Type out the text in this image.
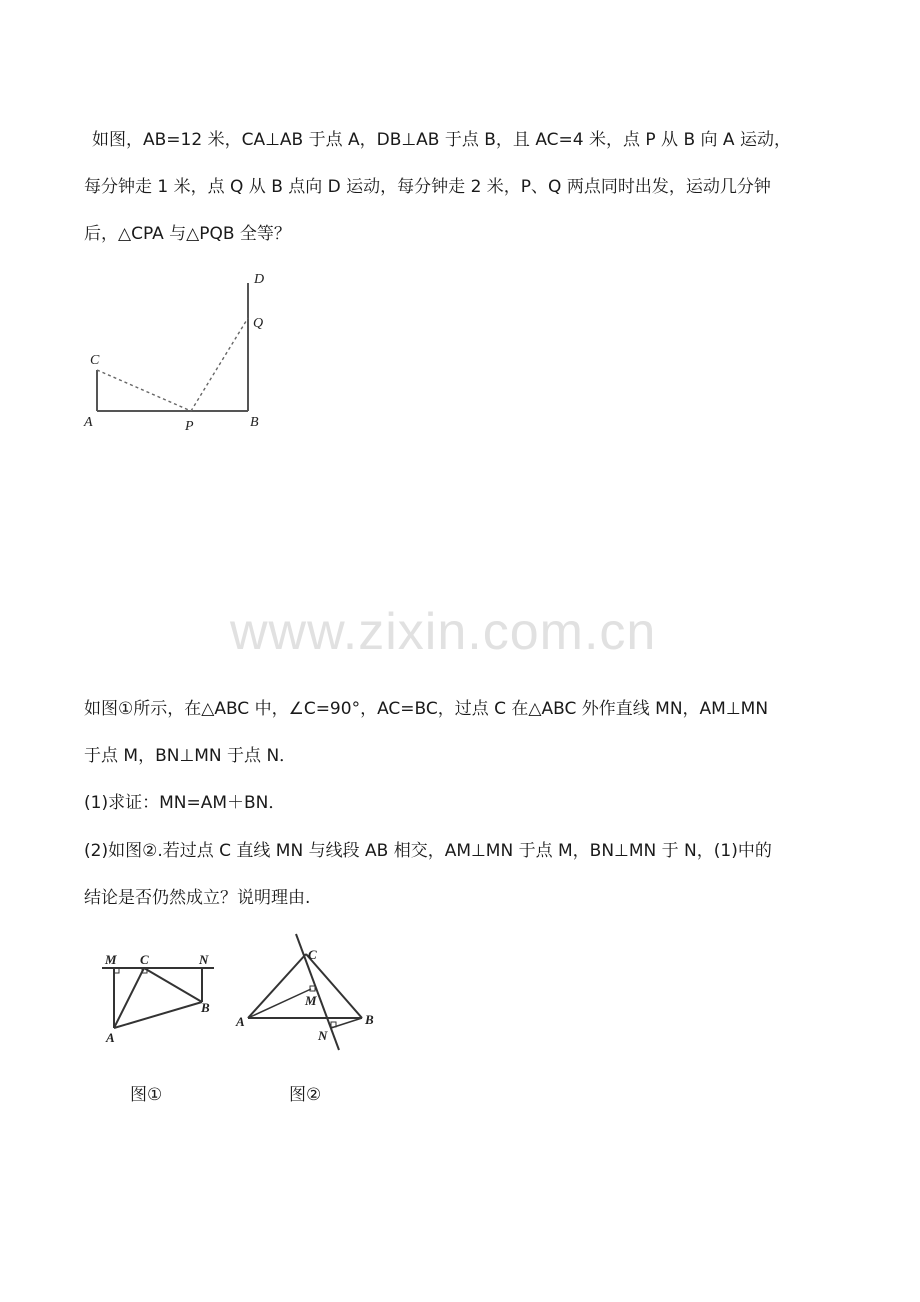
如图，AB=12 米，CA⊥AB 于点 A，DB⊥AB 于点 B，且 AC=4 米，点 P 从 B 向 A 运动，
每分钟走 1 米，点 Q 从 B 点向 D 运动，每分钟走 2 米，P、Q 两点同时出发，运动几分钟
后，△CPA 与△PQB 全等？
D
Q
C
A	P	B
www.zixin.com.cn
如图①所示，在△ABC 中，∠C=90°，AC=BC，过点 C 在△ABC 外作直线 MN，AM⊥MN
于点 M，BN⊥MN 于点 N．
(1)求证：MN=AM＋BN．
(2)如图②.若过点 C 直线 MN 与线段 AB 相交，AM⊥MN 于点 M，BN⊥MN 于 N，(1)中的
结论是否仍然成立？说明理由.
M C	N
A
B
C
M
A	B
N
图①	图②
